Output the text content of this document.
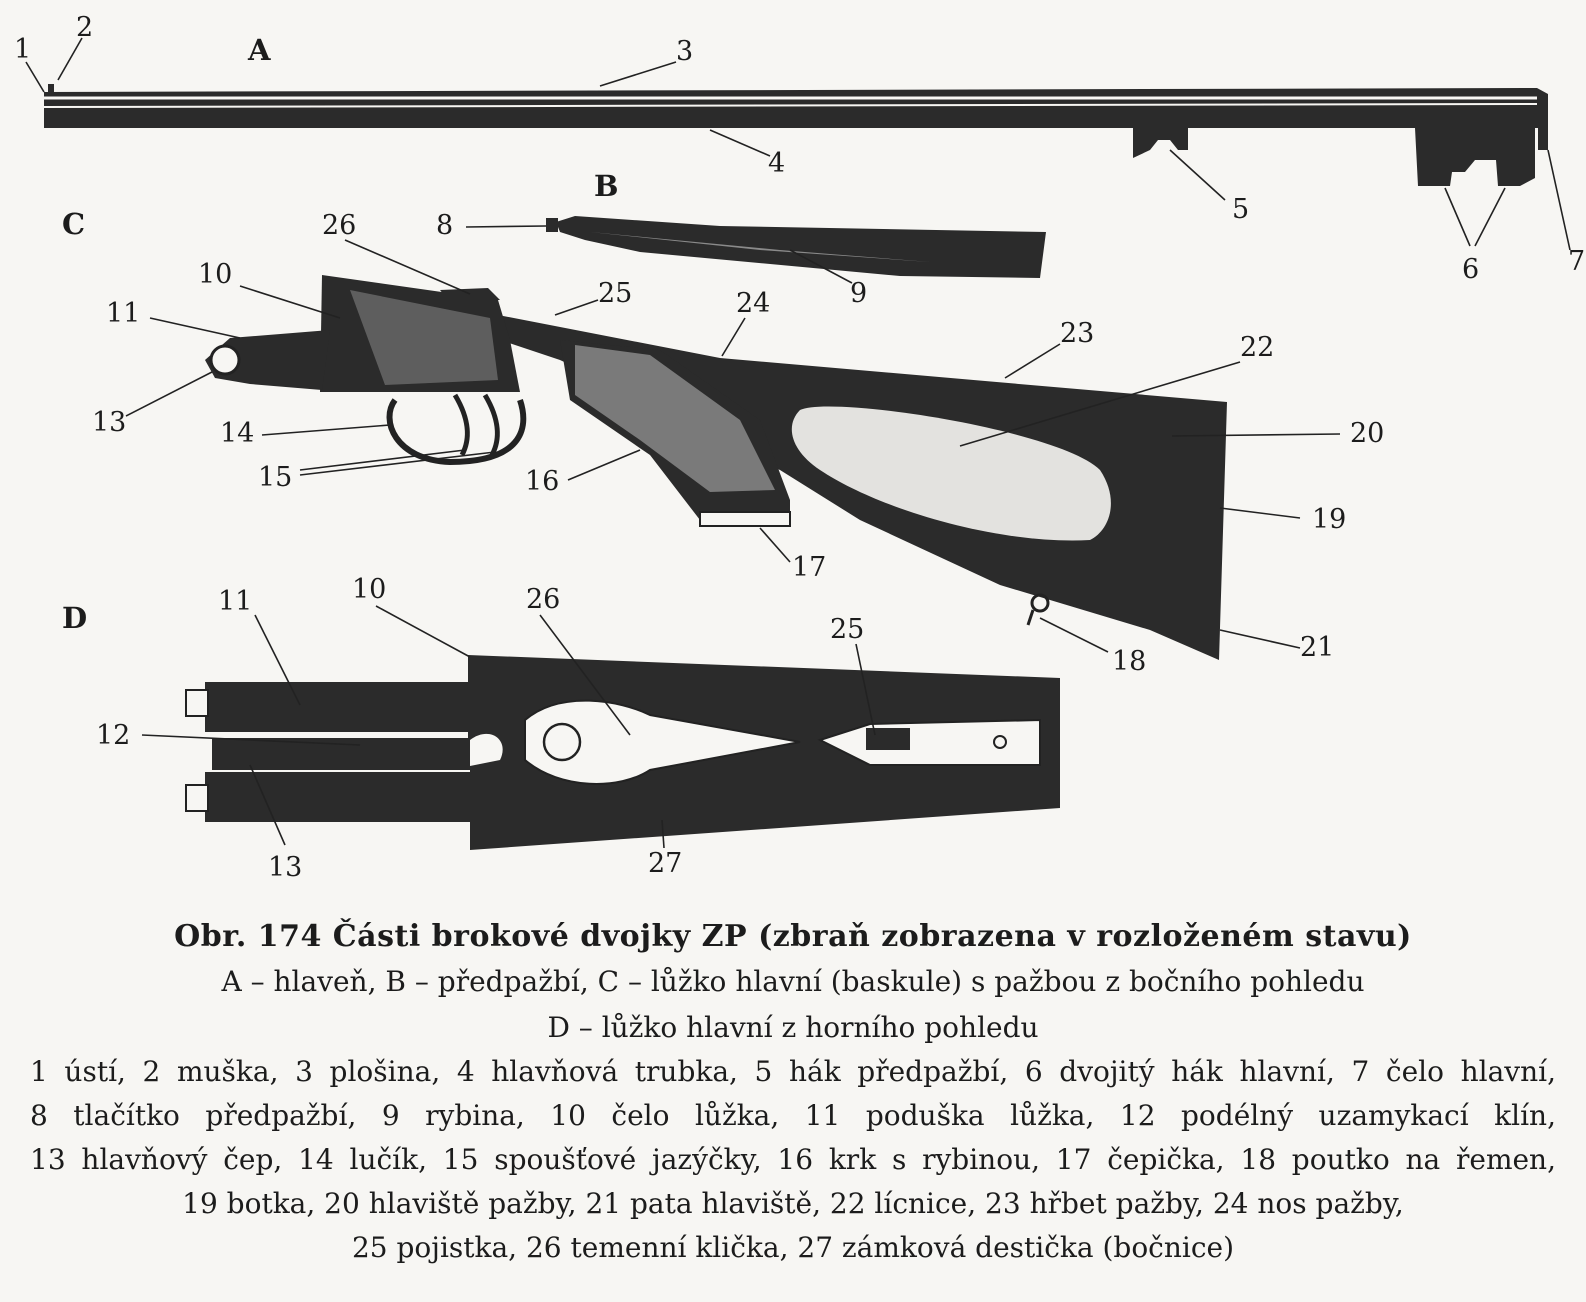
A
B
C
D
1
2
3
4
5
6	7
8
9
10
11
13	14
15	16
17
18
19
20
21
22
23
24
25
26
11	10	26
25
12
13	27
Obr. 174 Části brokové dvojky ZP (zbraň zobrazena v rozloženém stavu)
A – hlaveň, B – předpažbí, C – lůžko hlavní (baskule) s pažbou z bočního pohledu
D – lůžko hlavní z horního pohledu
1 ústí, 2 muška, 3 plošina, 4 hlavňová trubka, 5 hák předpažbí, 6 dvojitý hák hlavní, 7 čelo hlavní,
8 tlačítko předpažbí, 9 rybina, 10 čelo lůžka, 11 poduška lůžka, 12 podélný uzamykací klín,
13 hlavňový čep, 14 lučík, 15 spoušťové jazýčky, 16 krk s rybinou, 17 čepička, 18 poutko na řemen,
19 botka, 20 hlaviště pažby, 21 pata hlaviště, 22 lícnice, 23 hřbet pažby, 24 nos pažby,
25 pojistka, 26 temenní klička, 27 zámková destička (bočnice)
